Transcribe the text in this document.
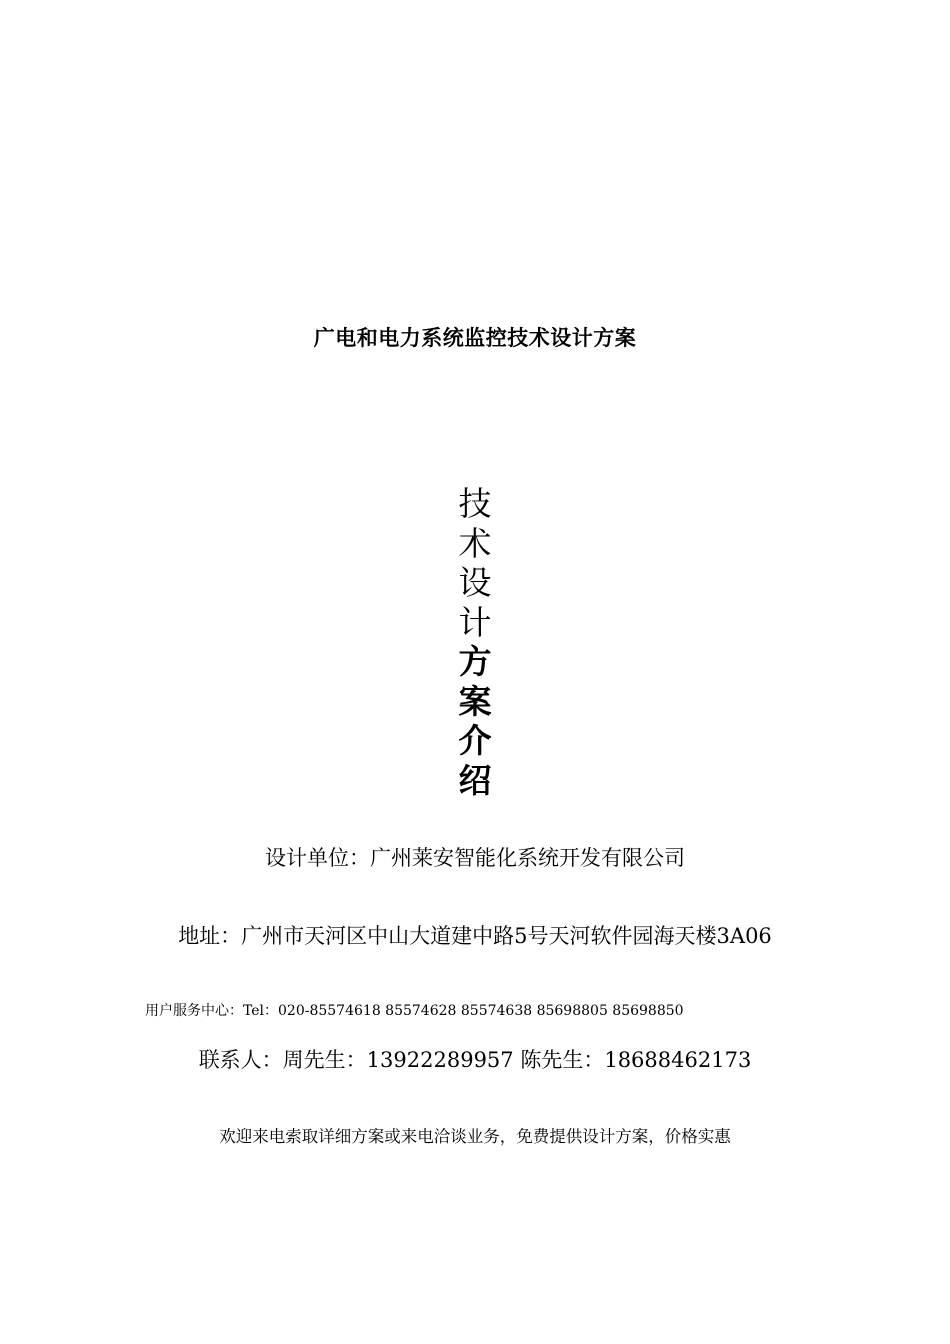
广电和电力系统监控技术设计方案
技
术
设
计
方
案
介
绍
设计单位：广州莱安智能化系统开发有限公司
地址：广州市天河区中山大道建中路5号天河软件园海天楼3A06
用户服务中心：Tel：020-85574618 85574628 85574638 85698805 85698850
联系人：周先生：13922289957 陈先生：18688462173
欢迎来电索取详细方案或来电洽谈业务，免费提供设计方案，价格实惠
